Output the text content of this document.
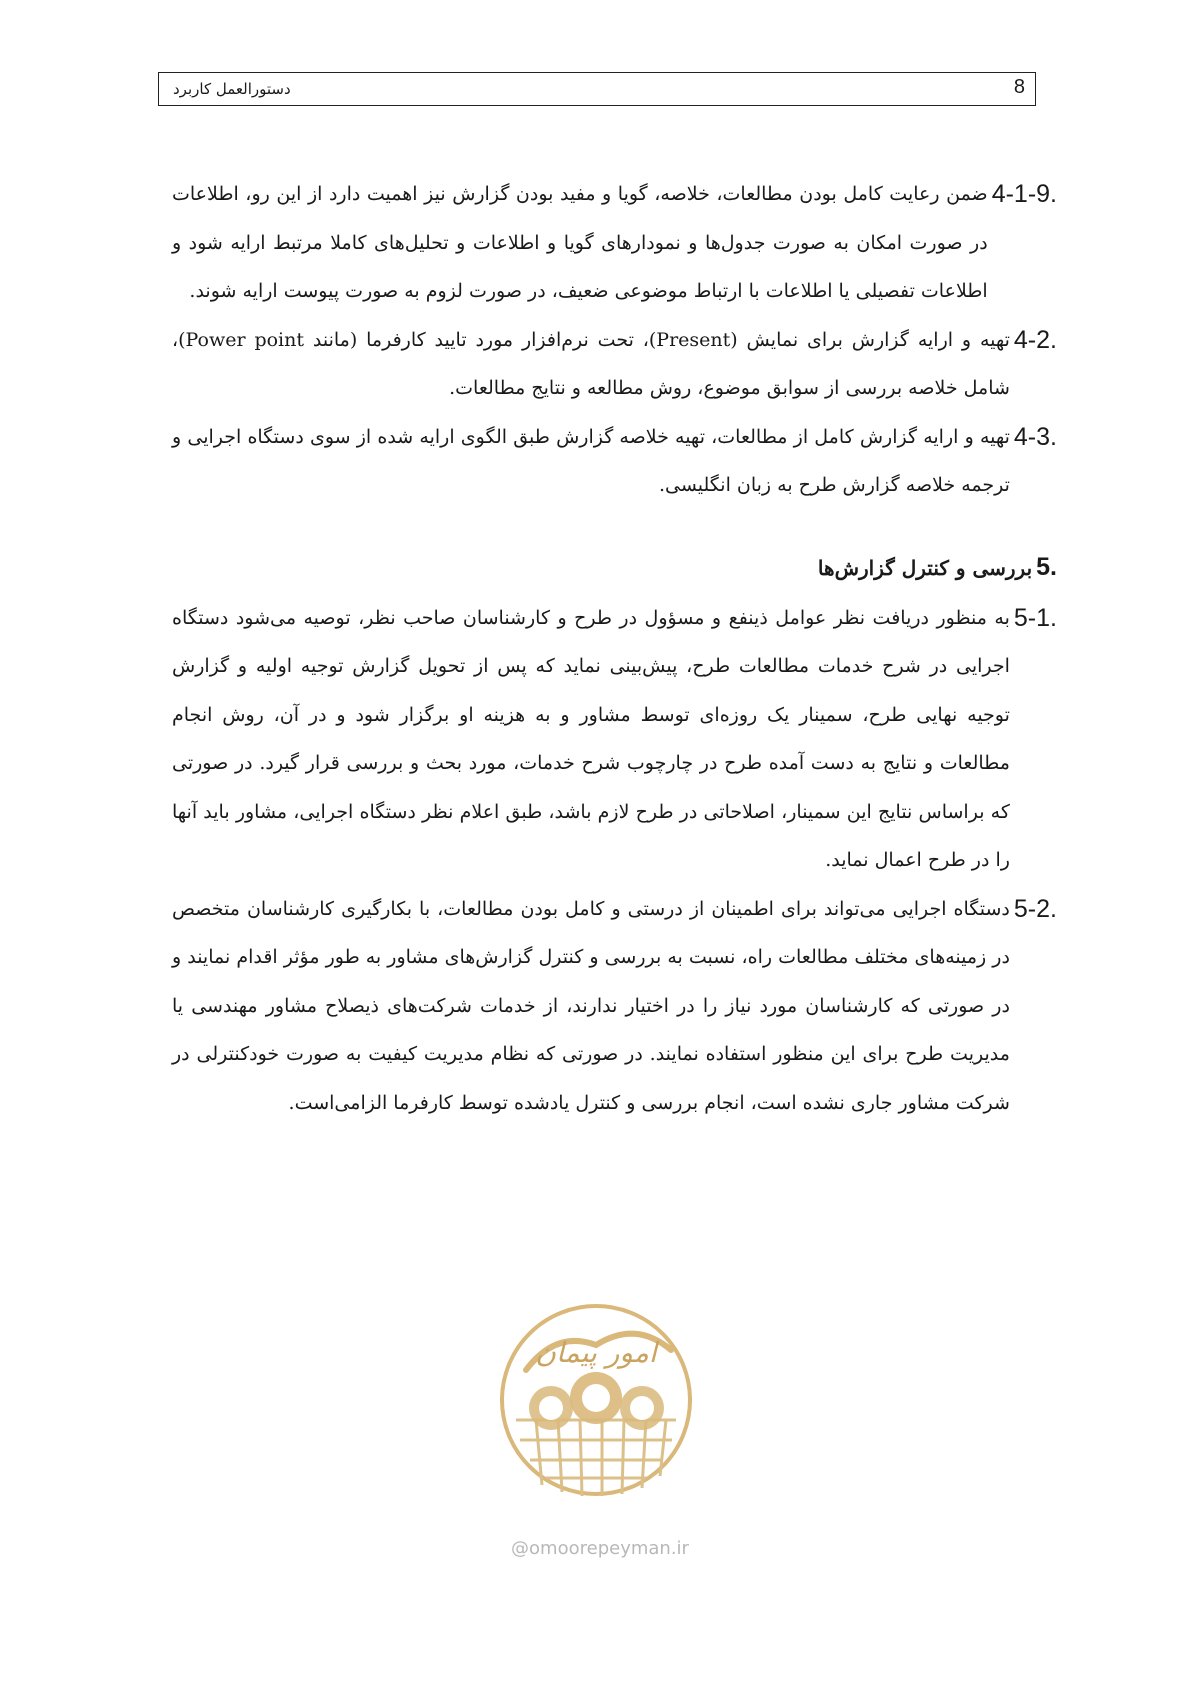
دستورالعمل کاربرد	8
4-1-9.
ضمن رعایت کامل بودن مطالعات، خلاصه، گویا و مفید بودن گزارش نیز اهمیت دارد از این رو، اطلاعات در صورت امکان به صورت جدول‌ها و نمودارهای گویا و اطلاعات و تحلیل‌های کاملا مرتبط ارایه شود و اطلاعات تفصیلی یا اطلاعات با ارتباط موضوعی ضعیف، در صورت لزوم به صورت پیوست ارایه شوند.
4-2.
تهیه و ارایه گزارش برای نمایش (Present)، تحت نرم‌افزار مورد تایید کارفرما (مانند Power point)، شامل خلاصه بررسی از سوابق موضوع، روش مطالعه و نتایج مطالعات.
4-3.
تهیه و ارایه گزارش کامل از مطالعات، تهیه خلاصه گزارش طبق الگوی ارایه شده از سوی دستگاه اجرایی و ترجمه خلاصه گزارش طرح به زبان انگلیسی.
5.
بررسی و کنترل گزارش‌ها
5-1.
به منظور دریافت نظر عوامل ذینفع و مسؤول در طرح و کارشناسان صاحب نظر، توصیه می‌شود دستگاه اجرایی در شرح خدمات مطالعات طرح، پیش‌بینی نماید که پس از تحویل گزارش توجیه اولیه و گزارش توجیه نهایی طرح، سمینار یک روزه‌ای توسط مشاور و به هزینه او برگزار شود و در آن، روش انجام مطالعات و نتایج به دست آمده طرح در چارچوب شرح خدمات، مورد بحث و بررسی قرار گیرد. در صورتی که براساس نتایج این سمینار، اصلاحاتی در طرح لازم باشد، طبق اعلام نظر دستگاه اجرایی، مشاور باید آنها را در طرح اعمال نماید.
5-2.
دستگاه اجرایی می‌تواند برای اطمینان از درستی و کامل بودن مطالعات، با بکارگیری کارشناسان متخصص در زمینه‌های مختلف مطالعات راه، نسبت به بررسی و کنترل گزارش‌های مشاور به طور مؤثر اقدام نمایند و در صورتی که کارشناسان مورد نیاز را در اختیار ندارند، از خدمات شرکت‌های ذیصلاح مشاور مهندسی یا مدیریت طرح برای این منظور استفاده نمایند. در صورتی که نظام مدیریت کیفیت به صورت خودکنترلی در شرکت مشاور جاری نشده است، انجام بررسی و کنترل یادشده توسط کارفرما الزامی‌است.
امور پیمان
@omoorepeyman.ir
